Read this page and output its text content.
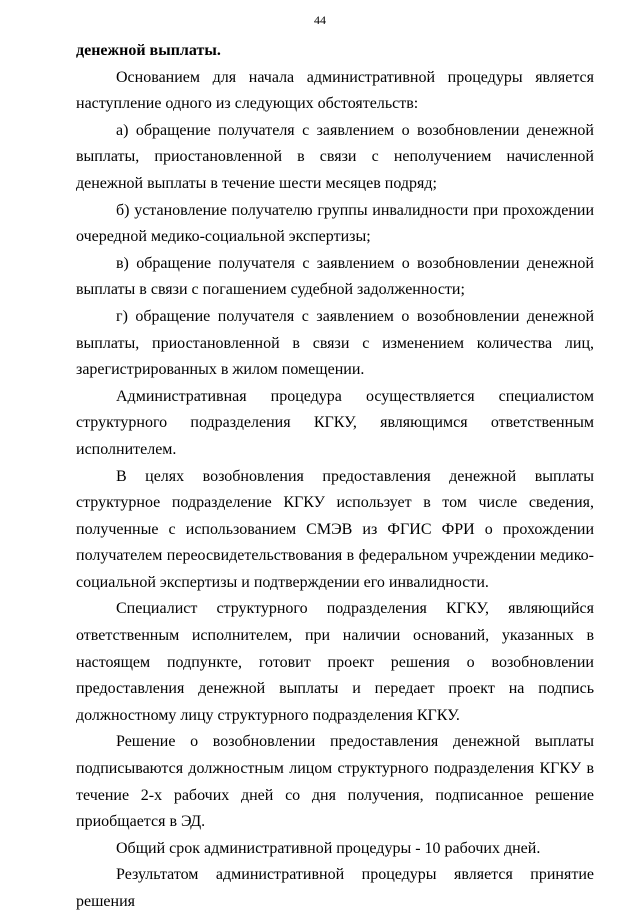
44

денежной выплаты.

Основанием для начала административной процедуры является наступление одного из следующих обстоятельств:

а) обращение получателя с заявлением о возобновлении денежной выплаты, приостановленной в связи с неполучением начисленной денежной выплаты в течение шести месяцев подряд;

б) установление получателю группы инвалидности при прохождении очередной медико-социальной экспертизы;

в) обращение получателя с заявлением о возобновлении денежной выплаты в связи с погашением судебной задолженности;

г) обращение получателя с заявлением о возобновлении денежной выплаты, приостановленной в связи с изменением количества лиц, зарегистрированных в жилом помещении.

Административная процедура осуществляется специалистом структурного подразделения КГКУ, являющимся ответственным исполнителем.

В целях возобновления предоставления денежной выплаты структурное подразделение КГКУ использует в том числе сведения, полученные с использованием СМЭВ из ФГИС ФРИ о прохождении получателем переосвидетельствования в федеральном учреждении медико-социальной экспертизы и подтверждении его инвалидности.

Специалист структурного подразделения КГКУ, являющийся ответственным исполнителем, при наличии оснований, указанных в настоящем подпункте, готовит проект решения о возобновлении предоставления денежной выплаты и передает проект на подпись должностному лицу структурного подразделения КГКУ.

Решение о возобновлении предоставления денежной выплаты подписываются должностным лицом структурного подразделения КГКУ в течение 2-х рабочих дней со дня получения, подписанное решение приобщается в ЭД.

Общий срок административной процедуры - 10 рабочих дней.

Результатом административной процедуры является принятие решения
